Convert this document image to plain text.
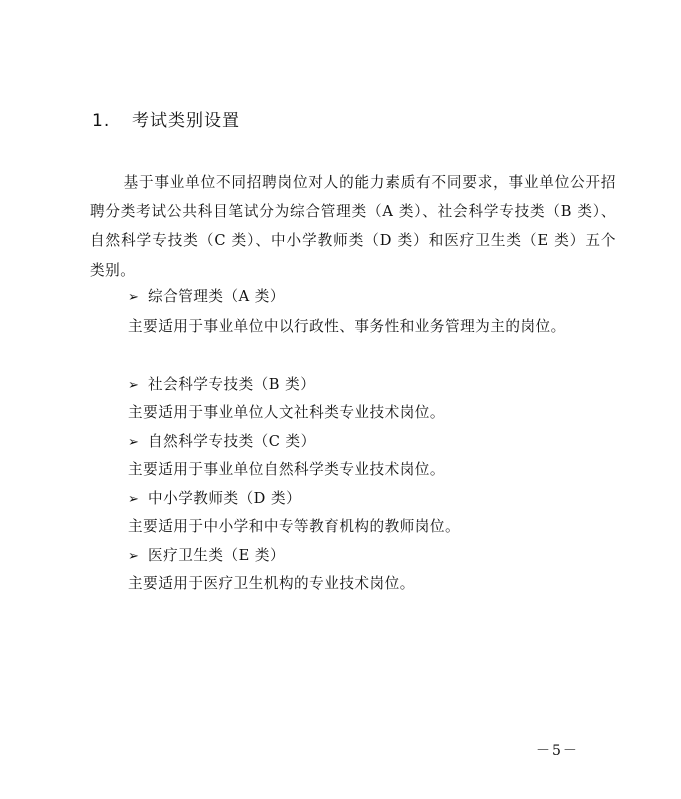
1. 考试类别设置
基于事业单位不同招聘岗位对人的能力素质有不同要求，事业单位公开招聘分类考试公共科目笔试分为综合管理类（A 类）、社会科学专技类（B 类）、自然科学专技类（C 类）、中小学教师类（D 类）和医疗卫生类（E 类）五个类别。
➢ 综合管理类（A 类）
主要适用于事业单位中以行政性、事务性和业务管理为主的岗位。
➢ 社会科学专技类（B 类）
主要适用于事业单位人文社科类专业技术岗位。
➢ 自然科学专技类（C 类）
主要适用于事业单位自然科学类专业技术岗位。
➢ 中小学教师类（D 类）
主要适用于中小学和中专等教育机构的教师岗位。
➢ 医疗卫生类（E 类）
主要适用于医疗卫生机构的专业技术岗位。
－5－
